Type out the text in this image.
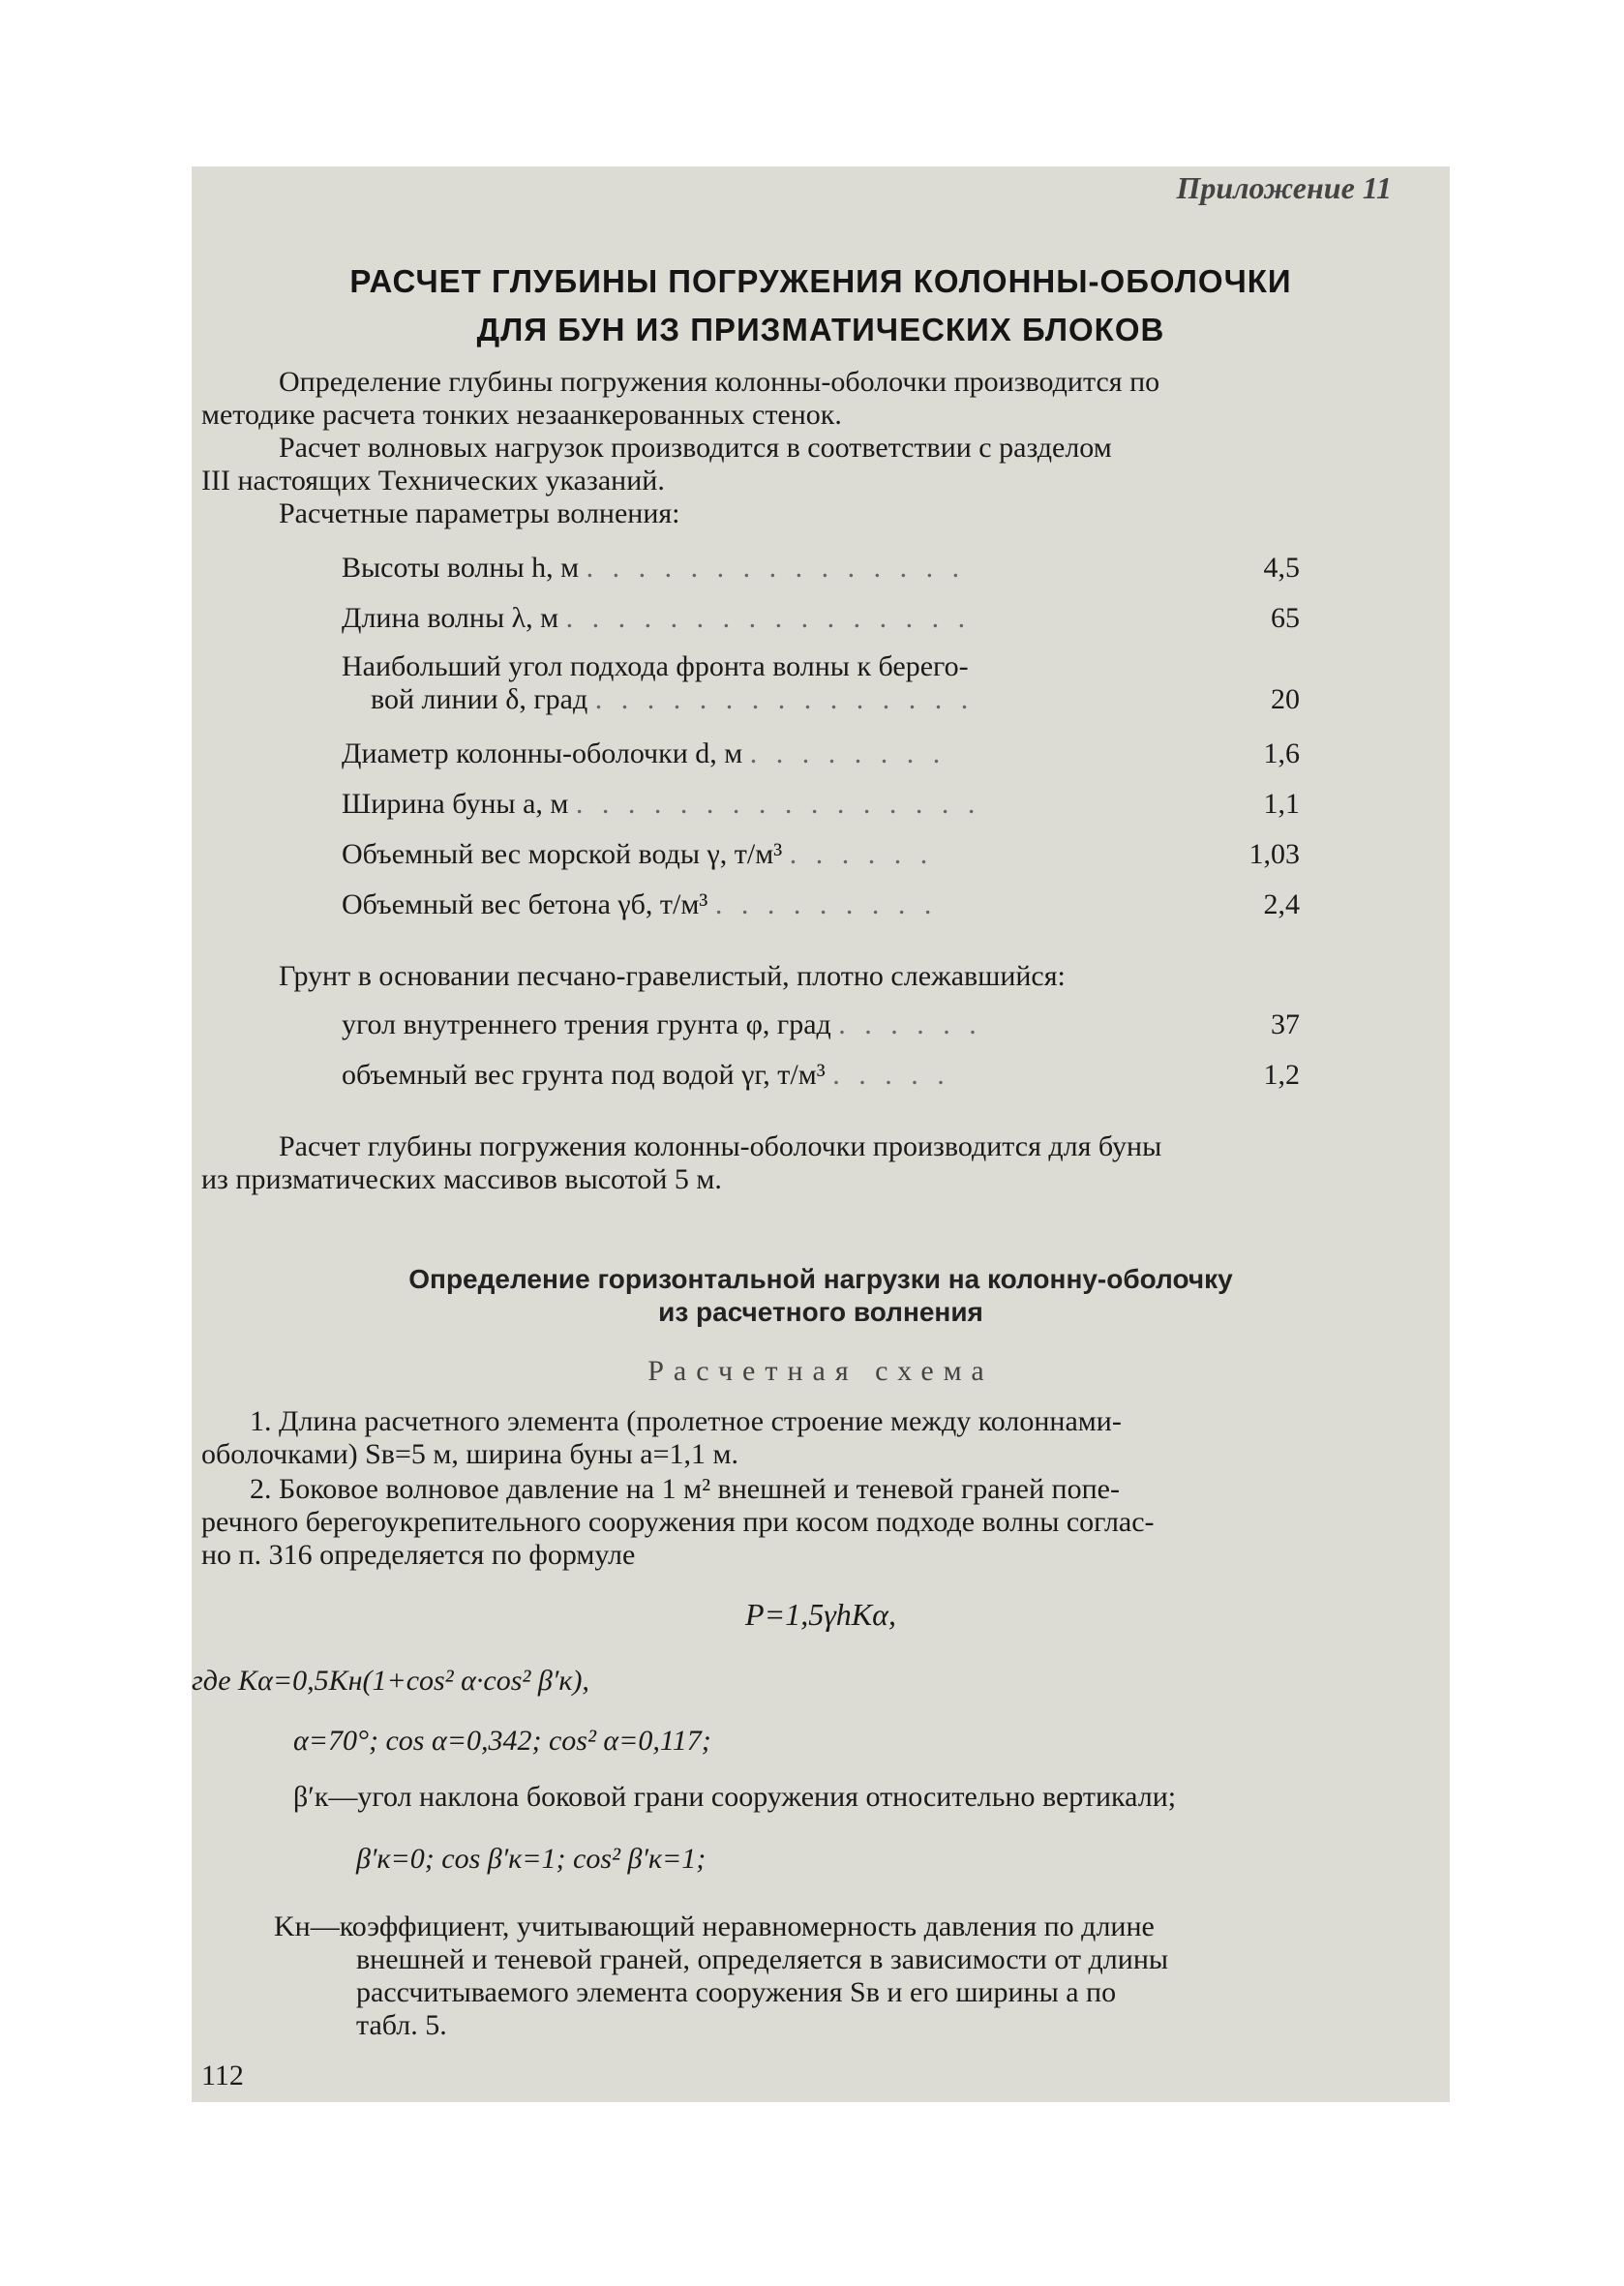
Приложение 11
РАСЧЕТ ГЛУБИНЫ ПОГРУЖЕНИЯ КОЛОННЫ-ОБОЛОЧКИ
ДЛЯ БУН ИЗ ПРИЗМАТИЧЕСКИХ БЛОКОВ
Определение глубины погружения колонны-оболочки производится по
методике расчета тонких незаанкерованных стенок.
Расчет волновых нагрузок производится в соответствии с разделом
III настоящих Технических указаний.
Расчетные параметры волнения:
Высоты волны h, м . . . . . . . . . . . . . . .	4,5
Длина волны λ, м . . . . . . . . . . . . . . . .	65
Наибольший угол подхода фронта волны к берего-
вой линии δ, град . . . . . . . . . . . . . . .	20
Диаметр колонны-оболочки d, м . . . . . . . .	1,6
Ширина буны a, м . . . . . . . . . . . . . . . .	1,1
Объемный вес морской воды γ, т/м³ . . . . . .	1,03
Объемный вес бетона γб, т/м³ . . . . . . . . .	2,4
Грунт в основании песчано-гравелистый, плотно слежавшийся:
угол внутреннего трения грунта φ, град . . . . . .	37
объемный вес грунта под водой γг, т/м³ . . . . .	1,2
Расчет глубины погружения колонны-оболочки производится для буны
из призматических массивов высотой 5 м.
Определение горизонтальной нагрузки на колонну-оболочку
из расчетного волнения
Расчетная схема
1. Длина расчетного элемента (пролетное строение между колоннами-
оболочками) Sв=5 м, ширина буны a=1,1 м.
2. Боковое волновое давление на 1 м² внешней и теневой граней попе-
речного берегоукрепительного сооружения при косом подходе волны соглас-
но п. 316 определяется по формуле
P=1,5γhKα,
где Kα=0,5Kн(1+cos² α·cos² β′к),
α=70°; cos α=0,342; cos² α=0,117;
β′к—угол наклона боковой грани сооружения относительно вертикали;
β′к=0; cos β′к=1; cos² β′к=1;
Kн—коэффициент, учитывающий неравномерность давления по длине
внешней и теневой граней, определяется в зависимости от длины
рассчитываемого элемента сооружения Sв и его ширины a по
табл. 5.
112
